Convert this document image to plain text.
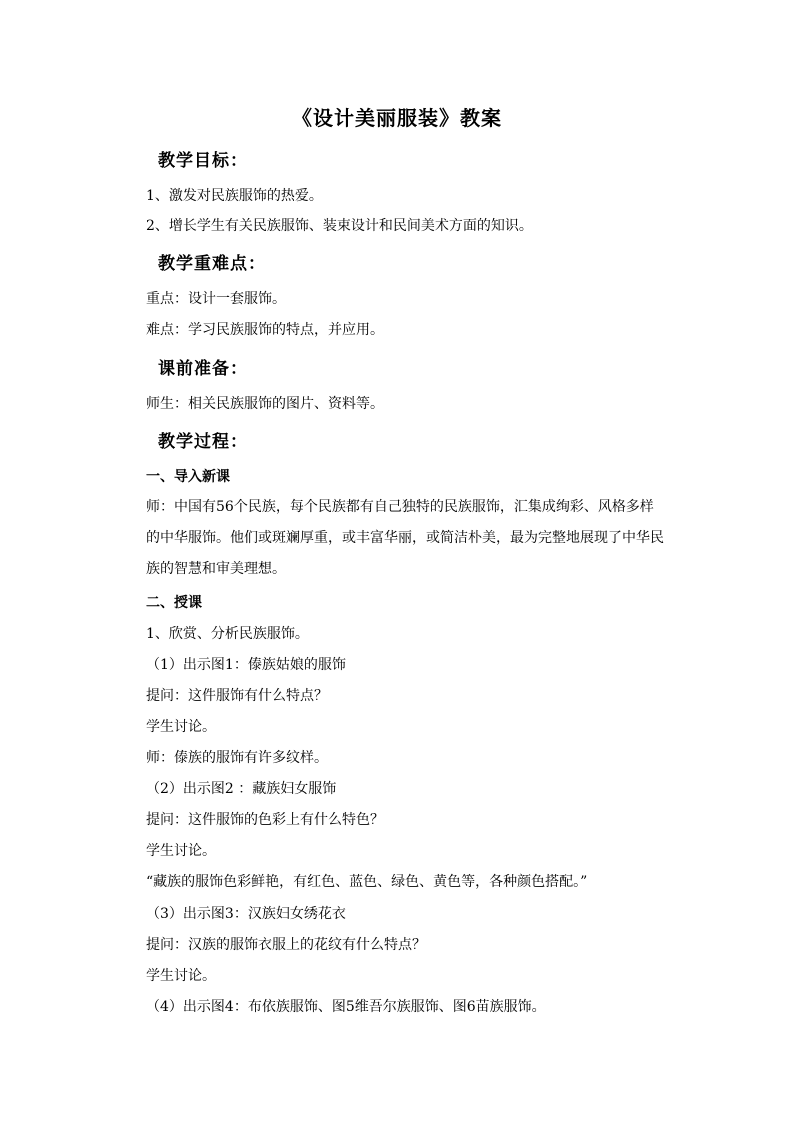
《设计美丽服装》教案
教学目标：
1、激发对民族服饰的热爱。
2、增长学生有关民族服饰、装束设计和民间美术方面的知识。
教学重难点：
重点：设计一套服饰。
难点：学习民族服饰的特点，并应用。
课前准备：
师生：相关民族服饰的图片、资料等。
教学过程：
一、导入新课
师：中国有56个民族，每个民族都有自己独特的民族服饰，汇集成绚彩、风格多样的中华服饰。他们或斑斓厚重，或丰富华丽，或简洁朴美，最为完整地展现了中华民族的智慧和审美理想。
二、授课
1、欣赏、分析民族服饰。
（1）出示图1：傣族姑娘的服饰
提问：这件服饰有什么特点？
学生讨论。
师：傣族的服饰有许多纹样。
（2）出示图2 ：藏族妇女服饰
提问：这件服饰的色彩上有什么特色？
学生讨论。
“藏族的服饰色彩鲜艳，有红色、蓝色、绿色、黄色等，各种颜色搭配。”
（3）出示图3：汉族妇女绣花衣
提问：汉族的服饰衣服上的花纹有什么特点？
学生讨论。
（4）出示图4：布依族服饰、图5维吾尔族服饰、图6苗族服饰。
